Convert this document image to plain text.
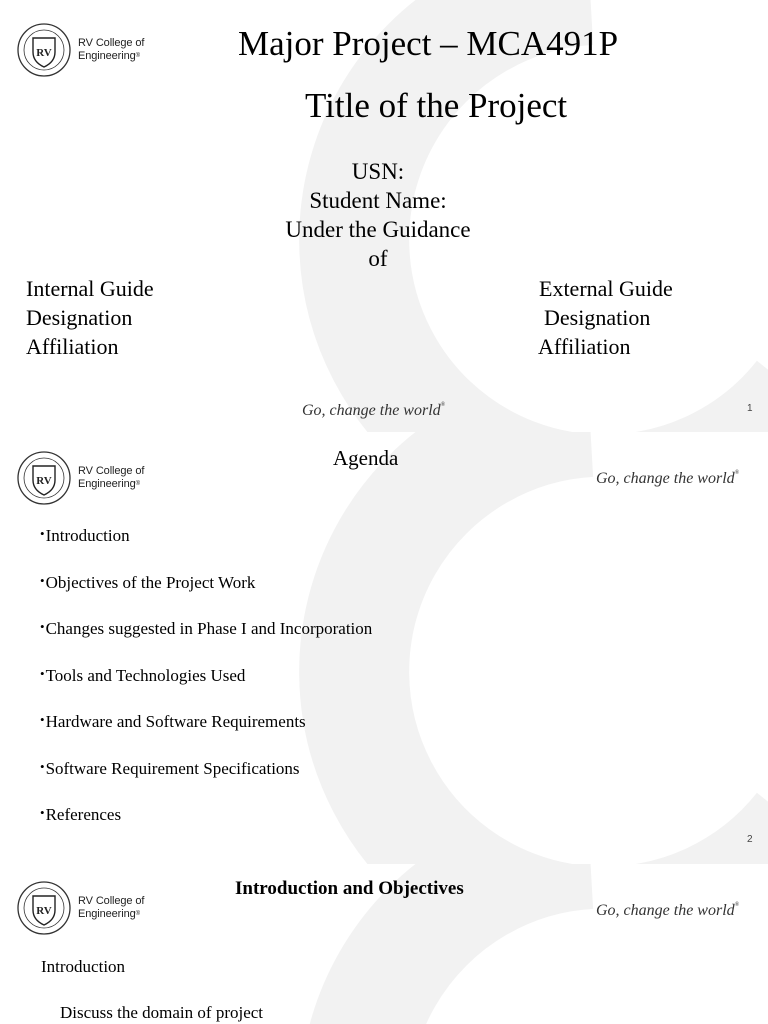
RV
RV College of
Engineering®	Major Project – MCA491P
Title of the Project
USN:
Student Name:
Under the Guidance
of
Internal Guide
Designation
Affiliation
External Guide
Designation
Affiliation
Go, change the world®	1
RV
RV College of
Engineering®
Agenda
Go, change the world®
•Introduction
•Objectives of the Project Work
•Changes suggested in Phase I and Incorporation
•Tools and Technologies Used
•Hardware and Software Requirements
•Software Requirement Specifications
•References
2
RV
RV College of
Engineering®
Introduction and Objectives
Go, change the world®
Introduction
Discuss the domain of project
